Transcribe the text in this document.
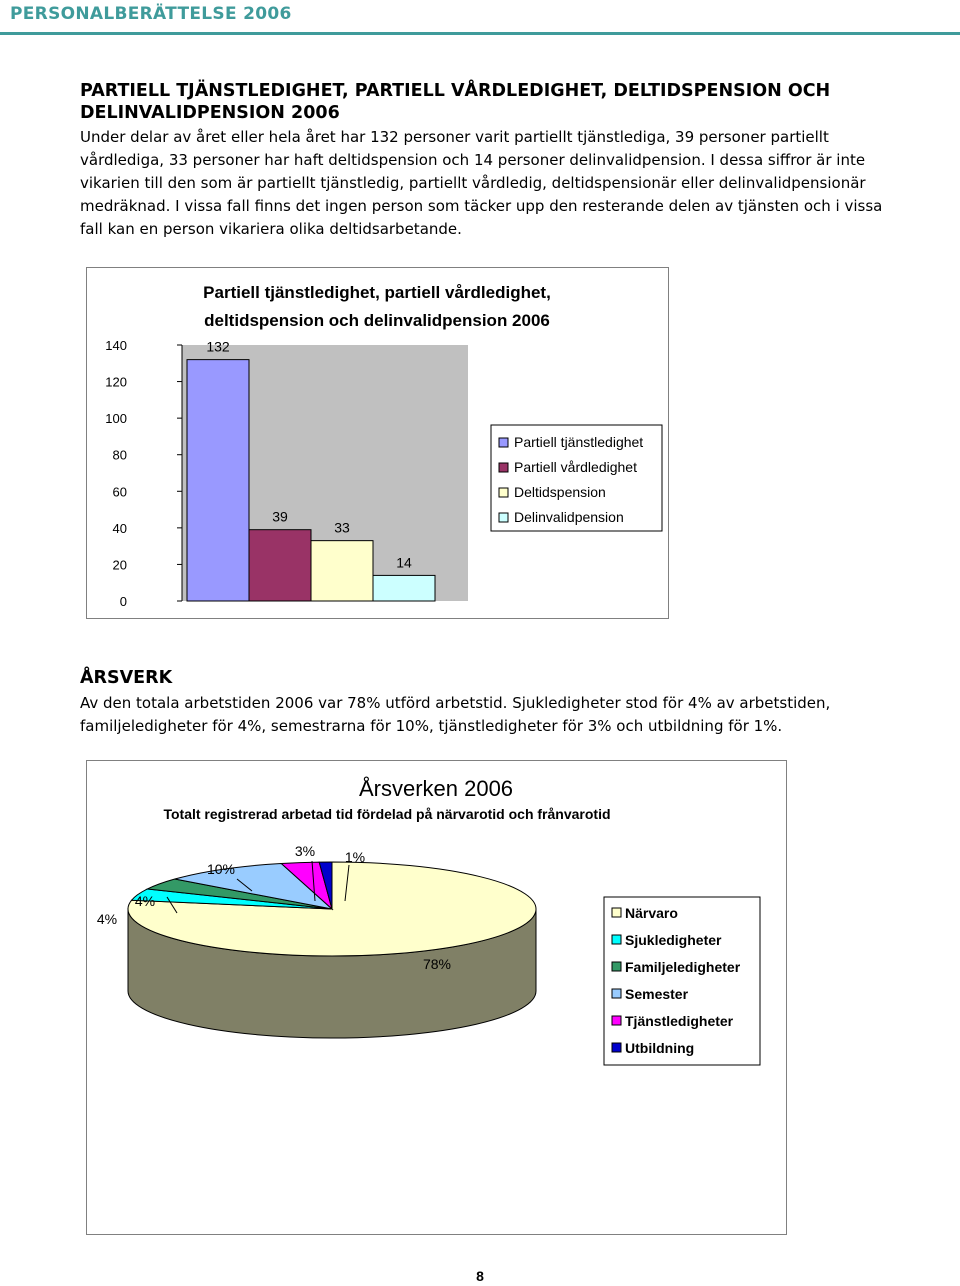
PERSONALBERÄTTELSE 2006
PARTIELL TJÄNSTLEDIGHET, PARTIELL VÅRDLEDIGHET, DELTIDSPENSION OCH DELINVALIDPENSION 2006
Under delar av året eller hela året har 132 personer varit partiellt tjänstlediga, 39 personer partiellt vårdlediga, 33 personer har haft deltidspension och 14 personer delinvalidpension. I dessa siffror är inte vikarien till den som är partiellt tjänstledig, partiellt vårdledig, deltidspensionär eller delinvalidpensionär medräknad. I vissa fall finns det ingen person som täcker upp den resterande delen av tjänsten och i vissa fall kan en person vikariera olika deltidsarbetande.
Partiell tjänstledighet, partiell vårdledighet,
deltidspension och delinvalidpension 2006
0
20
40
60
80
100
120
140	132
39
33
14
Partiell tjänstledighet
Partiell vårdledighet
Deltidspension
Delinvalidpension
ÅRSVERK
Av den totala arbetstiden 2006 var 78% utförd arbetstid. Sjukledigheter stod för 4% av arbetstiden, familjeledigheter för 4%, semestrarna för 10%, tjänstledigheter för 3% och utbildning för 1%.
Årsverken 2006
Totalt registrerad arbetad tid fördelad på närvarotid och frånvarotid
78%
4%
4%
10%
3% 1%
Närvaro
Sjukledigheter
Familjeledigheter
Semester
Tjänstledigheter
Utbildning
8
